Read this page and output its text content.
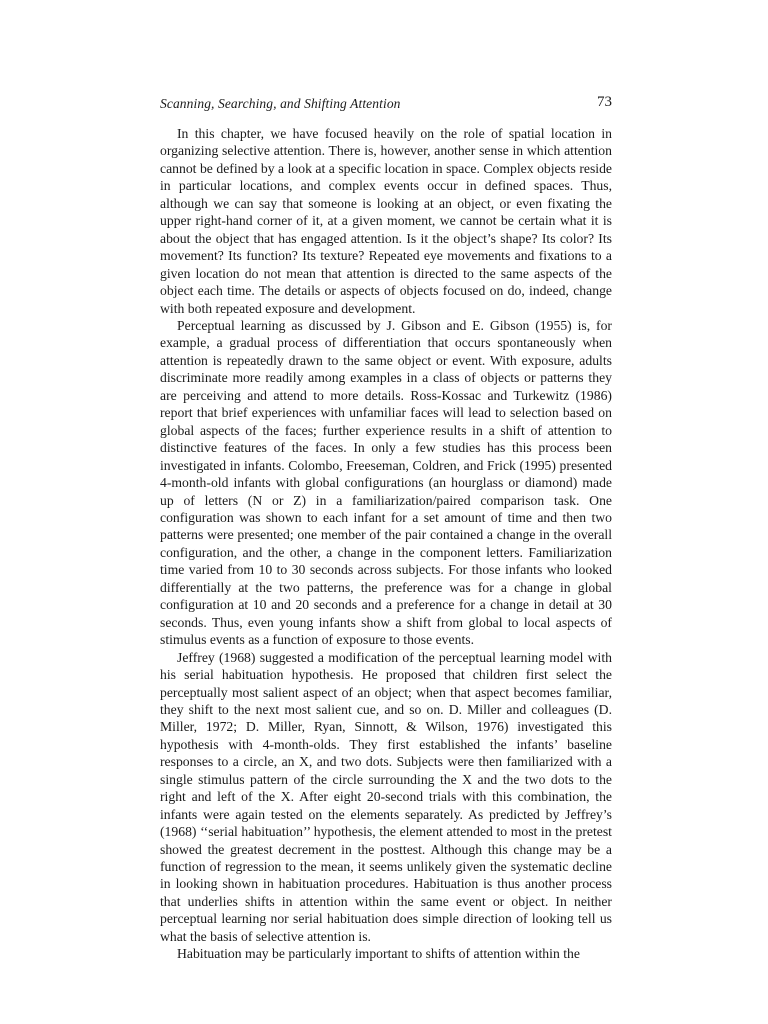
Scanning, Searching, and Shifting Attention	73

In this chapter, we have focused heavily on the role of spatial location in organizing selective attention. There is, however, another sense in which attention cannot be defined by a look at a specific location in space. Complex objects reside in particular locations, and complex events occur in defined spaces. Thus, although we can say that someone is looking at an object, or even fixating the upper right-hand corner of it, at a given moment, we cannot be certain what it is about the object that has engaged attention. Is it the object’s shape? Its color? Its movement? Its function? Its texture? Repeated eye movements and fixations to a given location do not mean that attention is directed to the same aspects of the object each time. The details or aspects of objects focused on do, indeed, change with both repeated exposure and development.

Perceptual learning as discussed by J. Gibson and E. Gibson (1955) is, for example, a gradual process of differentiation that occurs spontaneously when attention is repeatedly drawn to the same object or event. With exposure, adults discriminate more readily among examples in a class of objects or patterns they are perceiving and attend to more details. Ross-Kossac and Turkewitz (1986) report that brief experiences with unfamiliar faces will lead to selection based on global aspects of the faces; further experience results in a shift of attention to distinctive features of the faces. In only a few studies has this process been investigated in infants. Colombo, Freeseman, Coldren, and Frick (1995) presented 4-month-old infants with global configurations (an hourglass or diamond) made up of letters (N or Z) in a familiarization/paired comparison task. One configuration was shown to each infant for a set amount of time and then two patterns were presented; one member of the pair contained a change in the overall configuration, and the other, a change in the component letters. Familiarization time varied from 10 to 30 seconds across subjects. For those infants who looked differentially at the two patterns, the preference was for a change in global configuration at 10 and 20 seconds and a preference for a change in detail at 30 seconds. Thus, even young infants show a shift from global to local aspects of stimulus events as a function of exposure to those events.

Jeffrey (1968) suggested a modification of the perceptual learning model with his serial habituation hypothesis. He proposed that children first select the perceptually most salient aspect of an object; when that aspect becomes familiar, they shift to the next most salient cue, and so on. D. Miller and colleagues (D. Miller, 1972; D. Miller, Ryan, Sinnott, & Wilson, 1976) investigated this hypothesis with 4-month-olds. They first established the infants’ baseline responses to a circle, an X, and two dots. Subjects were then familiarized with a single stimulus pattern of the circle surrounding the X and the two dots to the right and left of the X. After eight 20-second trials with this combination, the infants were again tested on the elements separately. As predicted by Jeffrey’s (1968) ‘‘serial habituation’’ hypothesis, the element attended to most in the pretest showed the greatest decrement in the posttest. Although this change may be a function of regression to the mean, it seems unlikely given the systematic decline in looking shown in habituation procedures. Habituation is thus another process that underlies shifts in attention within the same event or object. In neither perceptual learning nor serial habituation does simple direction of looking tell us what the basis of selective attention is.

Habituation may be particularly important to shifts of attention within the
